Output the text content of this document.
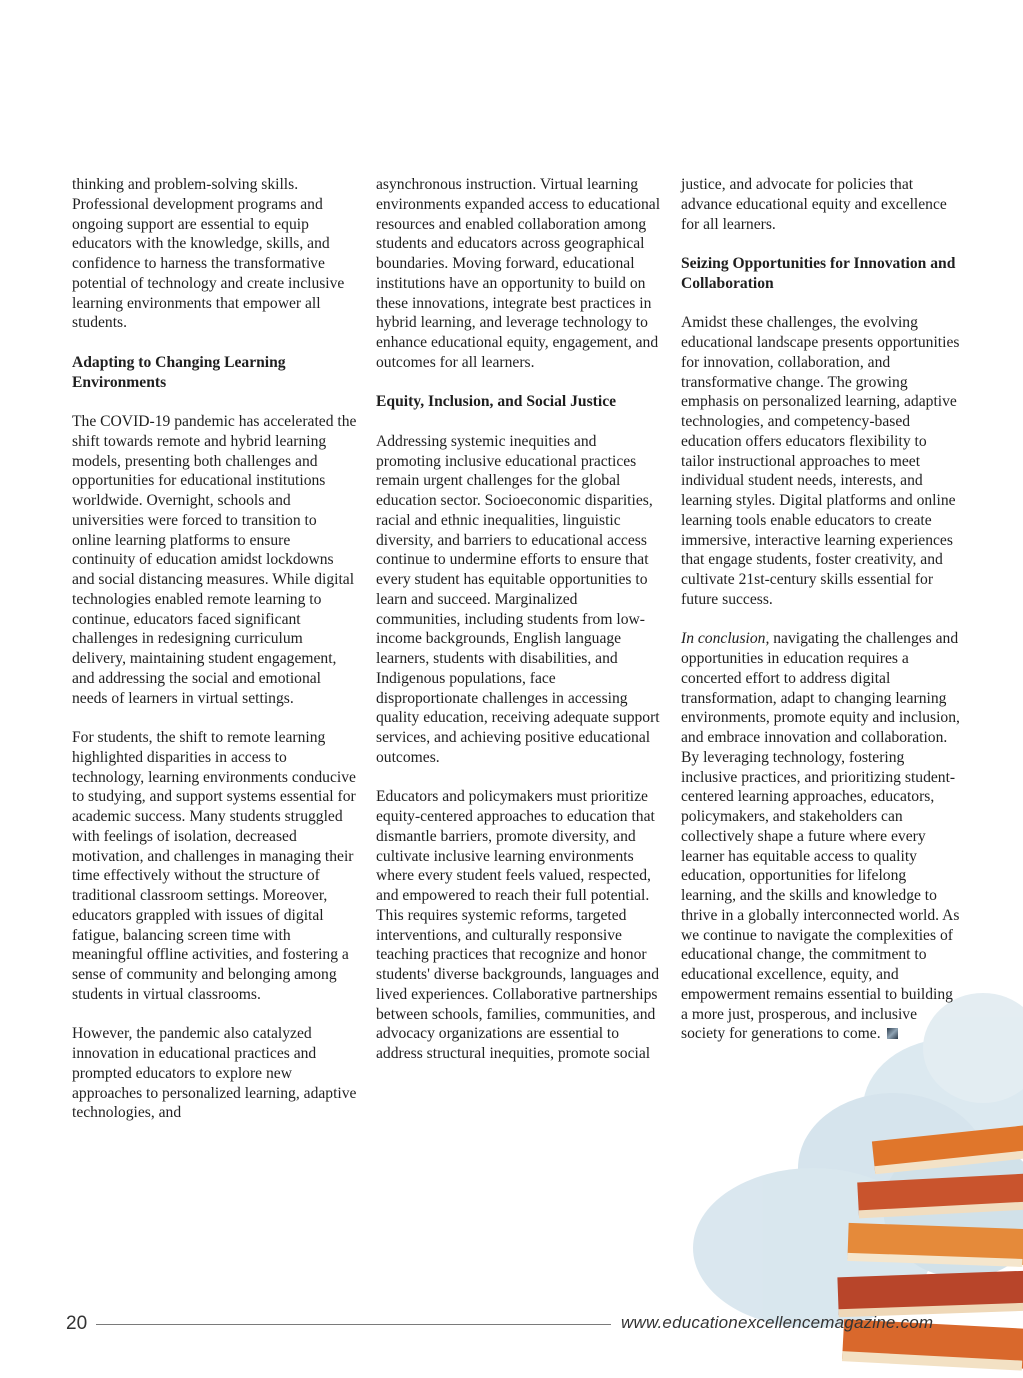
thinking and problem-solving skills. Professional development programs and ongoing support are essential to equip educators with the knowledge, skills, and confidence to harness the transformative potential of technology and create inclusive learning environments that empower all students.

Adapting to Changing Learning Environments

The COVID-19 pandemic has accelerated the shift towards remote and hybrid learning models, presenting both challenges and opportunities for educational institutions worldwide. Overnight, schools and universities were forced to transition to online learning platforms to ensure continuity of education amidst lockdowns and social distancing measures. While digital technologies enabled remote learning to continue, educators faced significant challenges in redesigning curriculum delivery, maintaining student engagement, and addressing the social and emotional needs of learners in virtual settings.

For students, the shift to remote learning highlighted disparities in access to technology, learning environments conducive to studying, and support systems essential for academic success. Many students struggled with feelings of isolation, decreased motivation, and challenges in managing their time effectively without the structure of traditional classroom settings. Moreover, educators grappled with issues of digital fatigue, balancing screen time with meaningful offline activities, and fostering a sense of community and belonging among students in virtual classrooms.

However, the pandemic also catalyzed innovation in educational practices and prompted educators to explore new approaches to personalized learning, adaptive technologies, and

asynchronous instruction. Virtual learning environments expanded access to educational resources and enabled collaboration among students and educators across geographical boundaries. Moving forward, educational institutions have an opportunity to build on these innovations, integrate best practices in hybrid learning, and leverage technology to enhance educational equity, engagement, and outcomes for all learners.

Equity, Inclusion, and Social Justice

Addressing systemic inequities and promoting inclusive educational practices remain urgent challenges for the global education sector. Socioeconomic disparities, racial and ethnic inequalities, linguistic diversity, and barriers to educational access continue to undermine efforts to ensure that every student has equitable opportunities to learn and succeed. Marginalized communities, including students from low-income backgrounds, English language learners, students with disabilities, and Indigenous populations, face disproportionate challenges in accessing quality education, receiving adequate support services, and achieving positive educational outcomes.

Educators and policymakers must prioritize equity-centered approaches to education that dismantle barriers, promote diversity, and cultivate inclusive learning environments where every student feels valued, respected, and empowered to reach their full potential. This requires systemic reforms, targeted interventions, and culturally responsive teaching practices that recognize and honor students' diverse backgrounds, languages and lived experiences. Collaborative partnerships between schools, families, communities, and advocacy organizations are essential to address structural inequities, promote social

justice, and advocate for policies that advance educational equity and excellence for all learners.

Seizing Opportunities for Innovation and Collaboration

Amidst these challenges, the evolving educational landscape presents opportunities for innovation, collaboration, and transformative change. The growing emphasis on personalized learning, adaptive technologies, and competency-based education offers educators flexibility to tailor instructional approaches to meet individual student needs, interests, and learning styles. Digital platforms and online learning tools enable educators to create immersive, interactive learning experiences that engage students, foster creativity, and cultivate 21st-century skills essential for future success.

In conclusion, navigating the challenges and opportunities in education requires a concerted effort to address digital transformation, adapt to changing learning environments, promote equity and inclusion, and embrace innovation and collaboration. By leveraging technology, fostering inclusive practices, and prioritizing student-centered learning approaches, educators, policymakers, and stakeholders can collectively shape a future where every learner has equitable access to quality education, opportunities for lifelong learning, and the skills and knowledge to thrive in a globally interconnected world. As we continue to navigate the complexities of educational change, the commitment to educational excellence, equity, and empowerment remains essential to building a more just, prosperous, and inclusive society for generations to come.

20	www.educationexcellencemagazine.com
